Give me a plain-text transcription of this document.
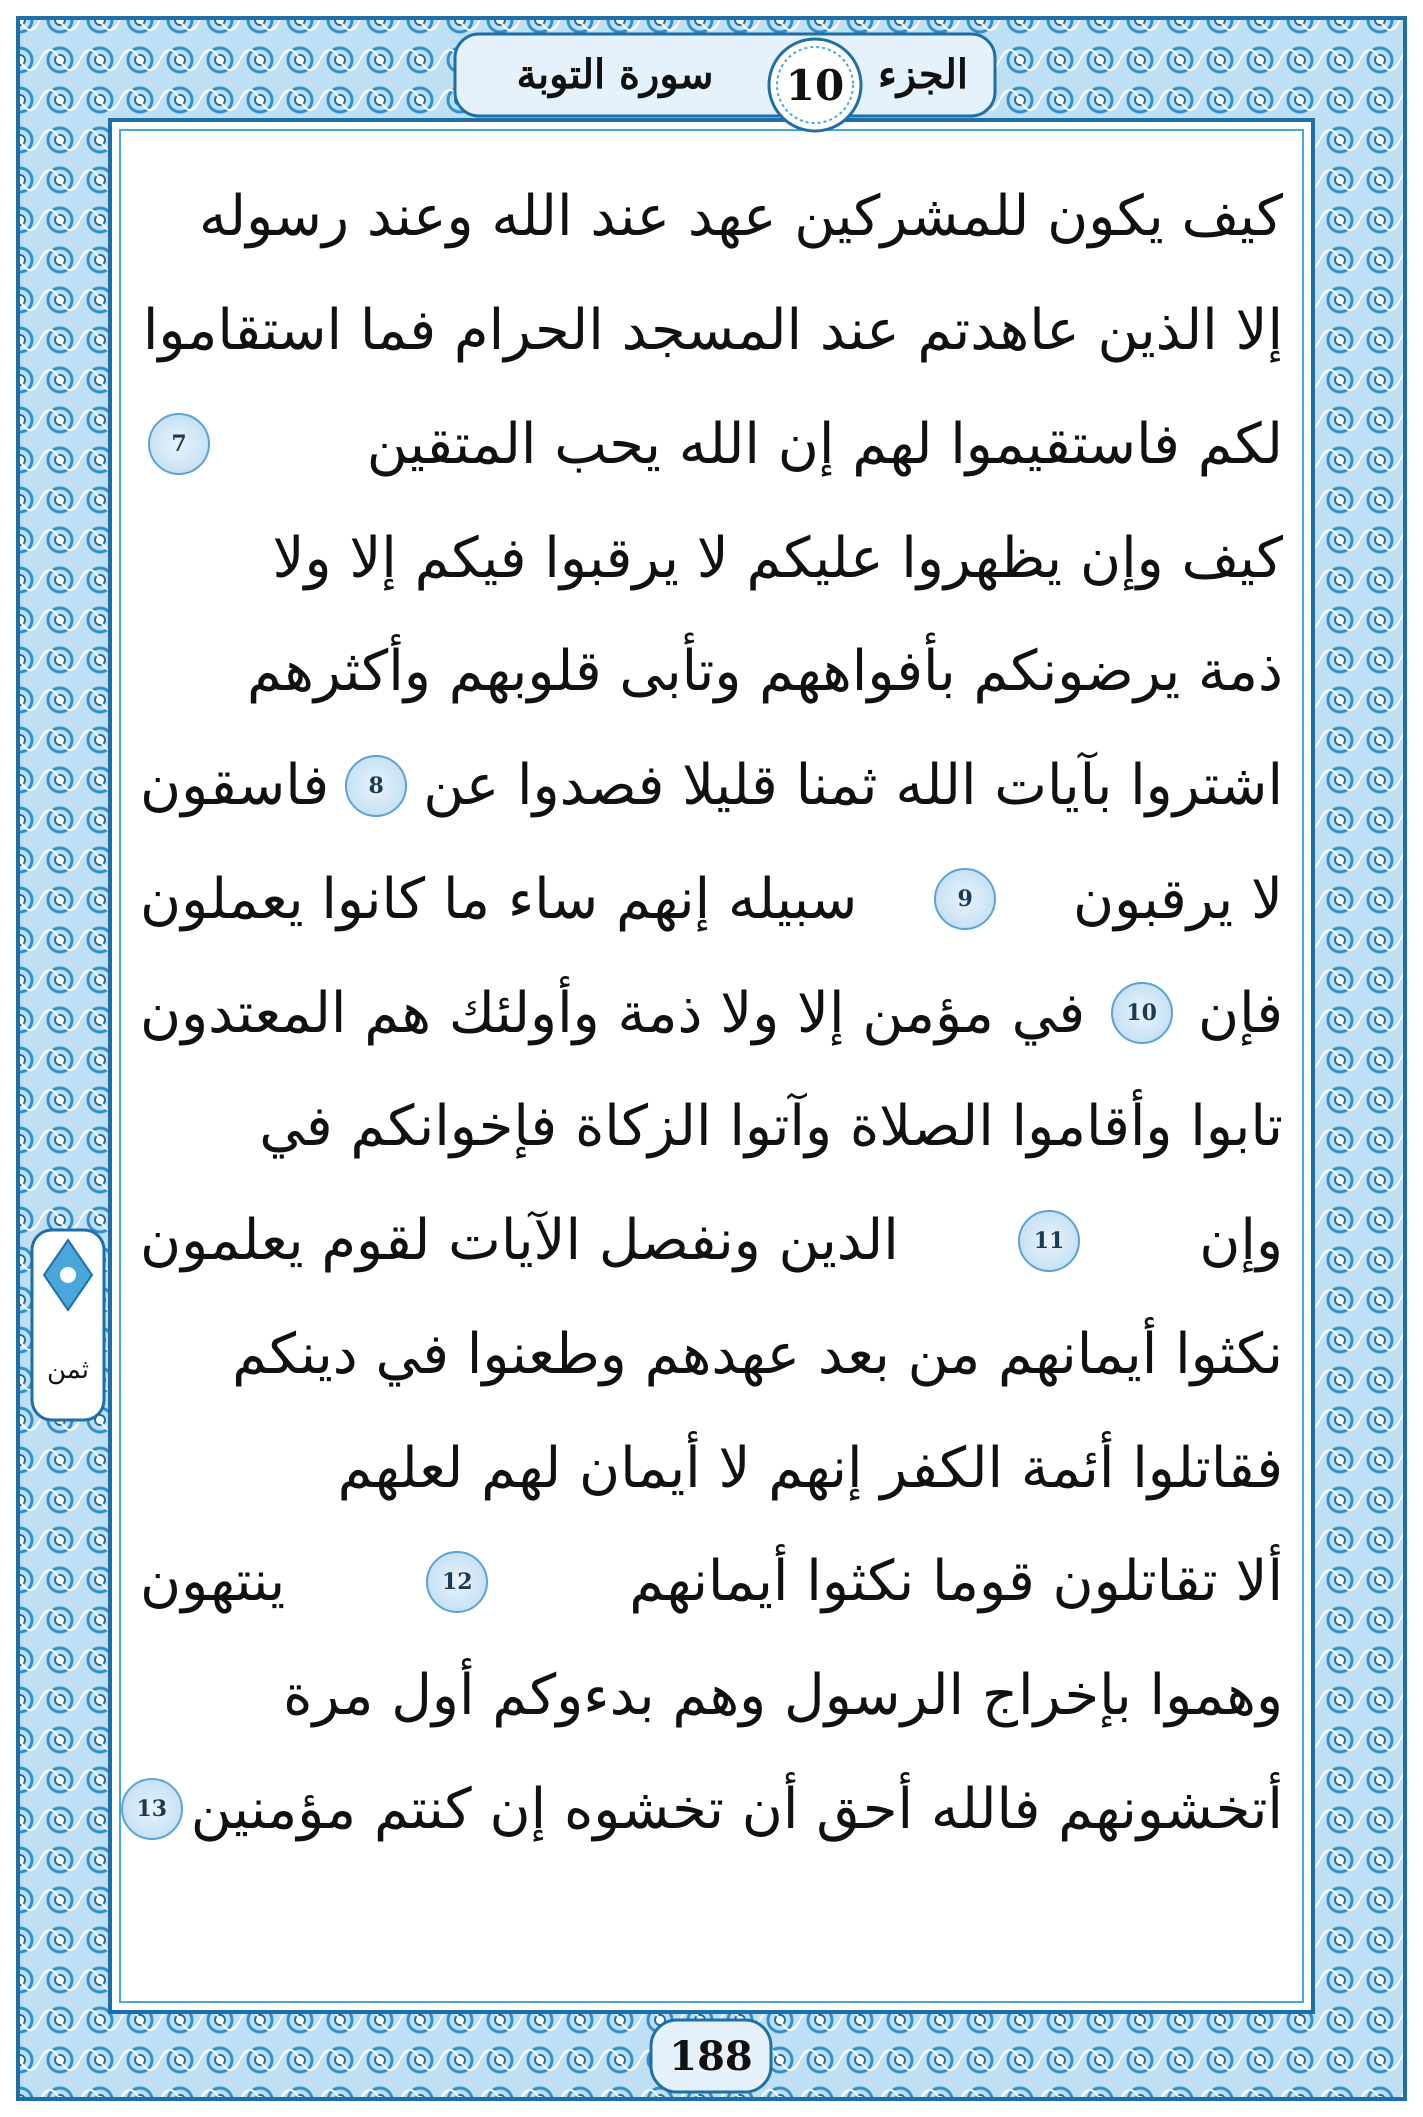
الجزء
10
سورة التوبة
كيف يكون للمشركين عهد عند الله وعند رسوله
إلا الذين عاهدتم عند المسجد الحرام فما استقاموا
لكم فاستقيموا لهم إن الله يحب المتقين
7
كيف وإن يظهروا عليكم لا يرقبوا فيكم إلا ولا
ذمة يرضونكم بأفواههم وتأبى قلوبهم وأكثرهم
اشتروا بآيات الله ثمنا قليلا فصدوا عن
8
فاسقون
لا يرقبون
9
سبيله إنهم ساء ما كانوا يعملون
فإن
10
في مؤمن إلا ولا ذمة وأولئك هم المعتدون
تابوا وأقاموا الصلاة وآتوا الزكاة فإخوانكم في
وإن
11
الدين ونفصل الآيات لقوم يعلمون
نكثوا أيمانهم من بعد عهدهم وطعنوا في دينكم
فقاتلوا أئمة الكفر إنهم لا أيمان لهم لعلهم
ألا تقاتلون قوما نكثوا أيمانهم
12
ينتهون
وهموا بإخراج الرسول وهم بدءوكم أول مرة
أتخشونهم فالله أحق أن تخشوه إن كنتم مؤمنين
13
ثمن
188
